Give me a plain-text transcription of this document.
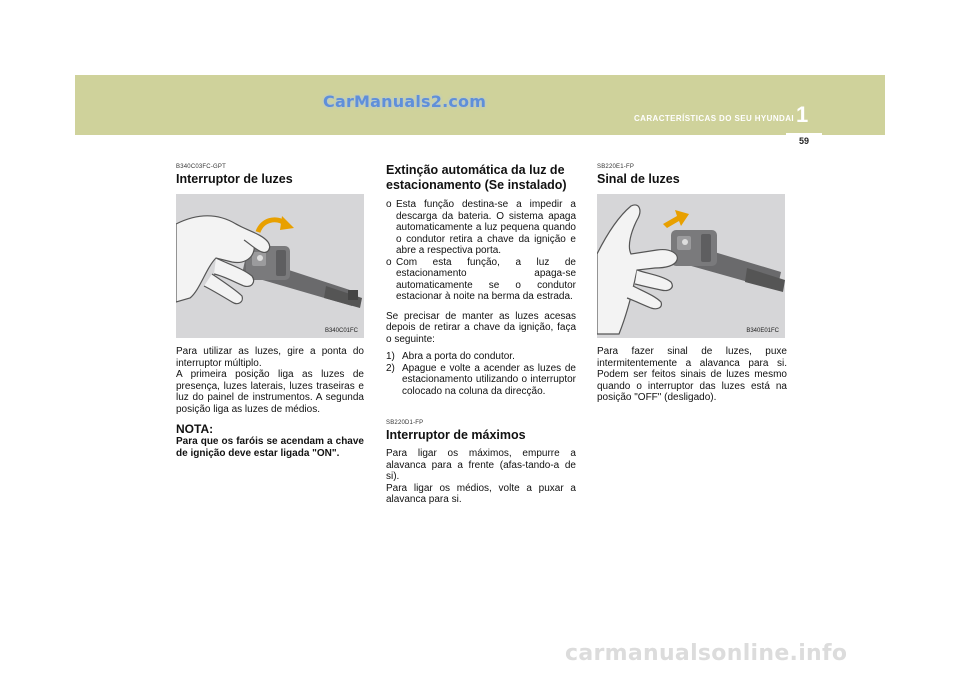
CarManuals2.com
CARACTERÍSTICAS DO SEU HYUNDAI 1
59
B340C03FC-GPT
Interruptor de luzes
B340C01FC
Para utilizar as luzes, gire a ponta do interruptor múltiplo.
A primeira posição liga as luzes de presença, luzes laterais, luzes traseiras e luz do painel de instrumentos. A segunda posição liga as luzes de médios.
NOTA:
Para que os faróis se acendam a chave de ignição deve estar ligada "ON".
Extinção automática da luz de estacionamento (Se instalado)
o Esta função destina-se a impedir a descarga da bateria. O sistema apaga automaticamente a luz pequena quando o condutor retira a chave da ignição e abre a respectiva porta.
o Com esta função, a luz de estacionamento apaga-se automaticamente se o condutor estacionar à noite na berma da estrada.
Se precisar de manter as luzes acesas depois de retirar a chave da ignição, faça o seguinte:
1) Abra a porta do condutor.
2) Apague e volte a acender as luzes de estacionamento utilizando o interruptor colocado na coluna da direcção.
SB220D1-FP
Interruptor de máximos
Para ligar os máximos, empurre a alavanca para a frente (afas-tando-a de si).
Para ligar os médios, volte a puxar a alavanca para si.
SB220E1-FP
Sinal de luzes
B340E01FC
Para fazer sinal de luzes, puxe intermitentemente a alavanca para si. Podem ser feitos sinais de luzes mesmo quando o interruptor das luzes está na posição "OFF" (desligado).
carmanualsonline.info
